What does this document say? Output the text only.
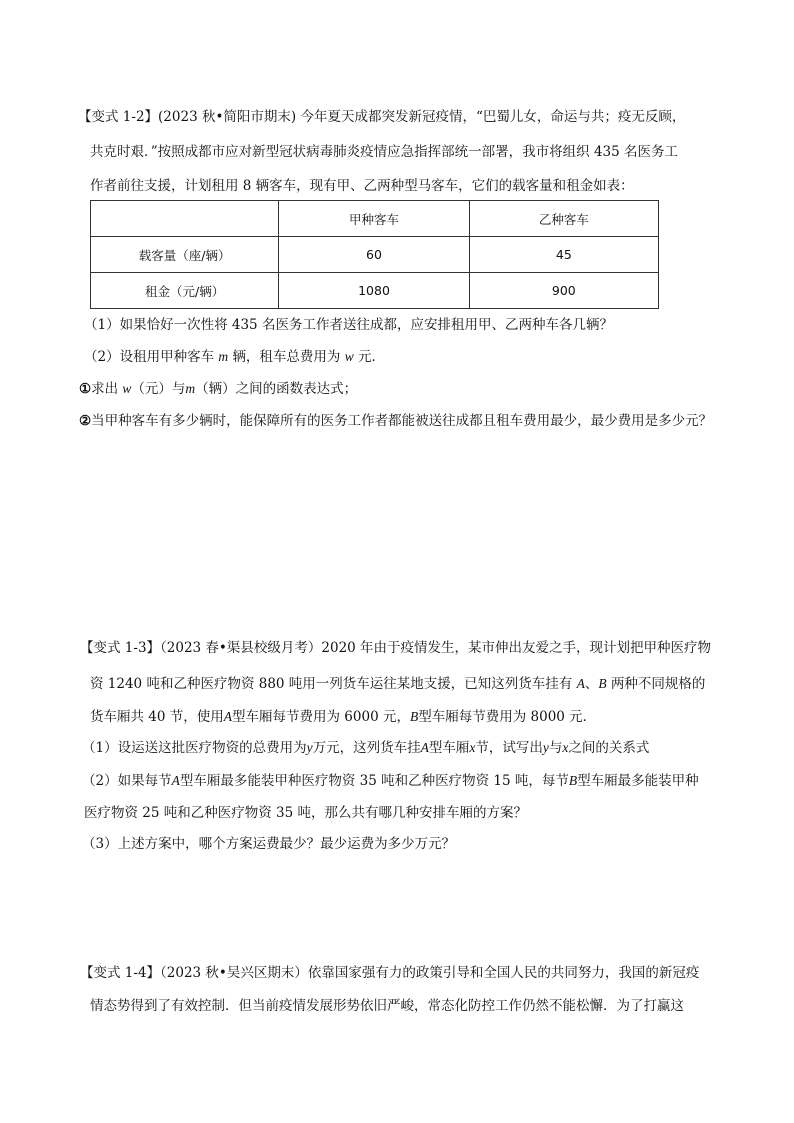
【变式 1-2】(2023 秋•简阳市期末) 今年夏天成都突发新冠疫情，“巴蜀儿女，命运与共；疫无反顾，
共克时艰．”按照成都市应对新型冠状病毒肺炎疫情应急指挥部统一部署，我市将组织 435 名医务工
作者前往支援，计划租用 8 辆客车，现有甲、乙两种型马客车，它们的载客量和租金如表：
	甲种客车	乙种客车
载客量（座/辆）	60	45
租金（元/辆）	1080	900
（1）如果恰好一次性将 435 名医务工作者送往成都，应安排租用甲、乙两种车各几辆？
（2）设租用甲种客车 m 辆，租车总费用为 w 元．
①求出 w（元）与m（辆）之间的函数表达式；
②当甲种客车有多少辆时，能保障所有的医务工作者都能被送往成都且租车费用最少，最少费用是多少元？
【变式 1-3】（2023 春•渠县校级月考）2020 年由于疫情发生，某市伸出友爱之手，现计划把甲种医疗物
资 1240 吨和乙种医疗物资 880 吨用一列货车运往某地支援，已知这列货车挂有 A、B 两种不同规格的
货车厢共 40 节，使用A型车厢每节费用为 6000 元，B型车厢每节费用为 8000 元．
（1）设运送这批医疗物资的总费用为y万元，这列货车挂A型车厢x节，试写出y与x之间的关系式
（2）如果每节A型车厢最多能装甲种医疗物资 35 吨和乙种医疗物资 15 吨，每节B型车厢最多能装甲种
医疗物资 25 吨和乙种医疗物资 35 吨，那么共有哪几种安排车厢的方案？
（3）上述方案中，哪个方案运费最少？最少运费为多少万元？
【变式 1-4】（2023 秋•吴兴区期末）依靠国家强有力的政策引导和全国人民的共同努力，我国的新冠疫
情态势得到了有效控制．但当前疫情发展形势依旧严峻，常态化防控工作仍然不能松懈．为了打赢这
